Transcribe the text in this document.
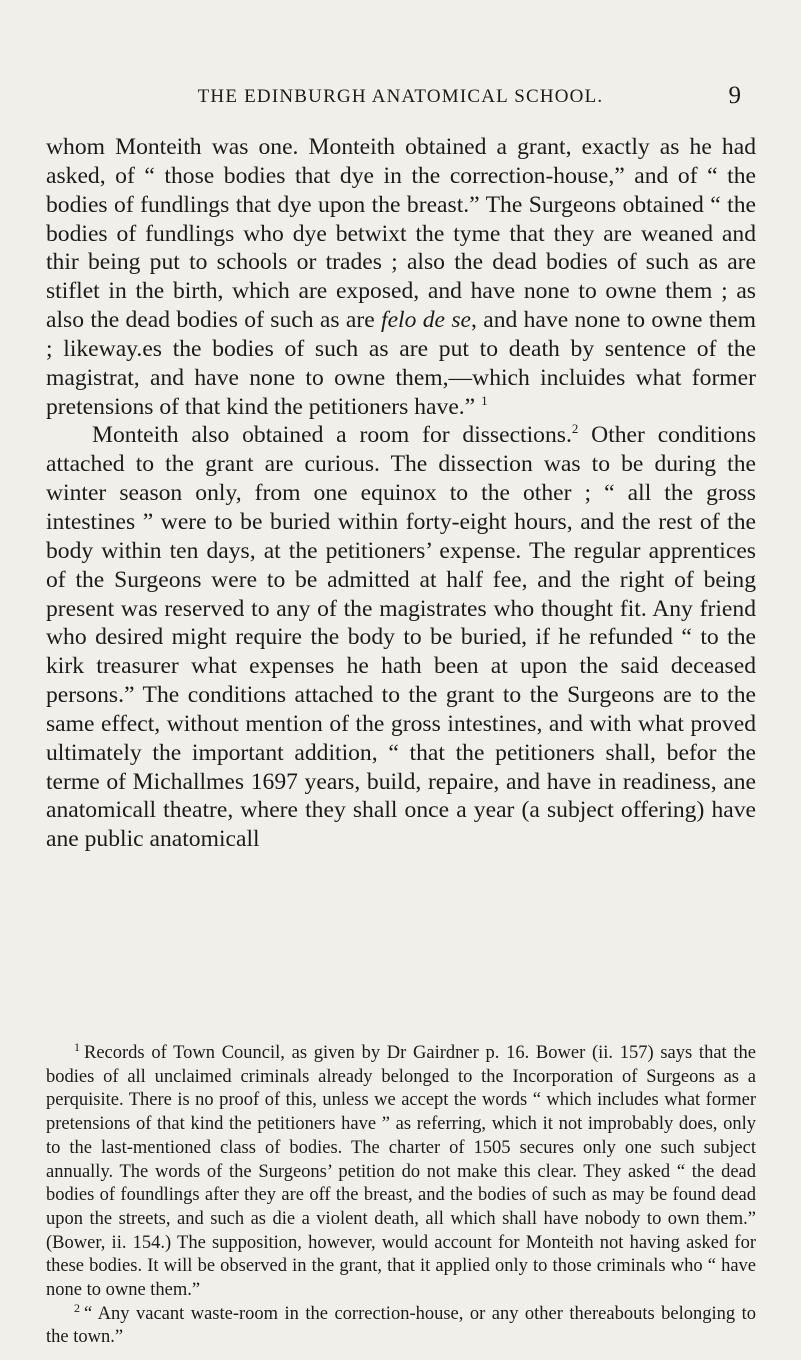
THE EDINBURGH ANATOMICAL SCHOOL.	9

whom Monteith was one. Monteith obtained a grant, exactly as he had asked, of “ those bodies that dye in the correction-house,” and of “ the bodies of fundlings that dye upon the breast.” The Surgeons obtained “ the bodies of fundlings who dye betwixt the tyme that they are weaned and thir being put to schools or trades ; also the dead bodies of such as are stiflet in the birth, which are exposed, and have none to owne them ; as also the dead bodies of such as are felo de se, and have none to owne them ; likeway.es the bodies of such as are put to death by sentence of the magistrat, and have none to owne them,—which incluides what former pretensions of that kind the petitioners have.” $^1$

Monteith also obtained a room for dissections.$^2$ Other conditions attached to the grant are curious. The dissection was to be during the winter season only, from one equinox to the other ; “ all the gross intestines ” were to be buried within forty-eight hours, and the rest of the body within ten days, at the petitioners’ expense. The regular apprentices of the Surgeons were to be admitted at half fee, and the right of being present was reserved to any of the magistrates who thought fit. Any friend who desired might require the body to be buried, if he refunded “ to the kirk treasurer what expenses he hath been at upon the said deceased persons.” The conditions attached to the grant to the Surgeons are to the same effect, without mention of the gross intestines, and with what proved ultimately the important addition, “ that the petitioners shall, befor the terme of Michallmes 1697 years, build, repaire, and have in readiness, ane anatomicall theatre, where they shall once a year (a subject offering) have ane public anatomicall

$^1$ Records of Town Council, as given by Dr Gairdner p. 16. Bower (ii. 157) says that the bodies of all unclaimed criminals already belonged to the Incorporation of Surgeons as a perquisite. There is no proof of this, unless we accept the words “ which includes what former pretensions of that kind the petitioners have ” as referring, which it not improbably does, only to the last-mentioned class of bodies. The charter of 1505 secures only one such subject annually. The words of the Surgeons’ petition do not make this clear. They asked “ the dead bodies of foundlings after they are off the breast, and the bodies of such as may be found dead upon the streets, and such as die a violent death, all which shall have nobody to own them.” (Bower, ii. 154.) The supposition, however, would account for Monteith not having asked for these bodies. It will be observed in the grant, that it applied only to those criminals who “ have none to owne them.”

$^2$ “ Any vacant waste-room in the correction-house, or any other thereabouts belonging to the town.”
